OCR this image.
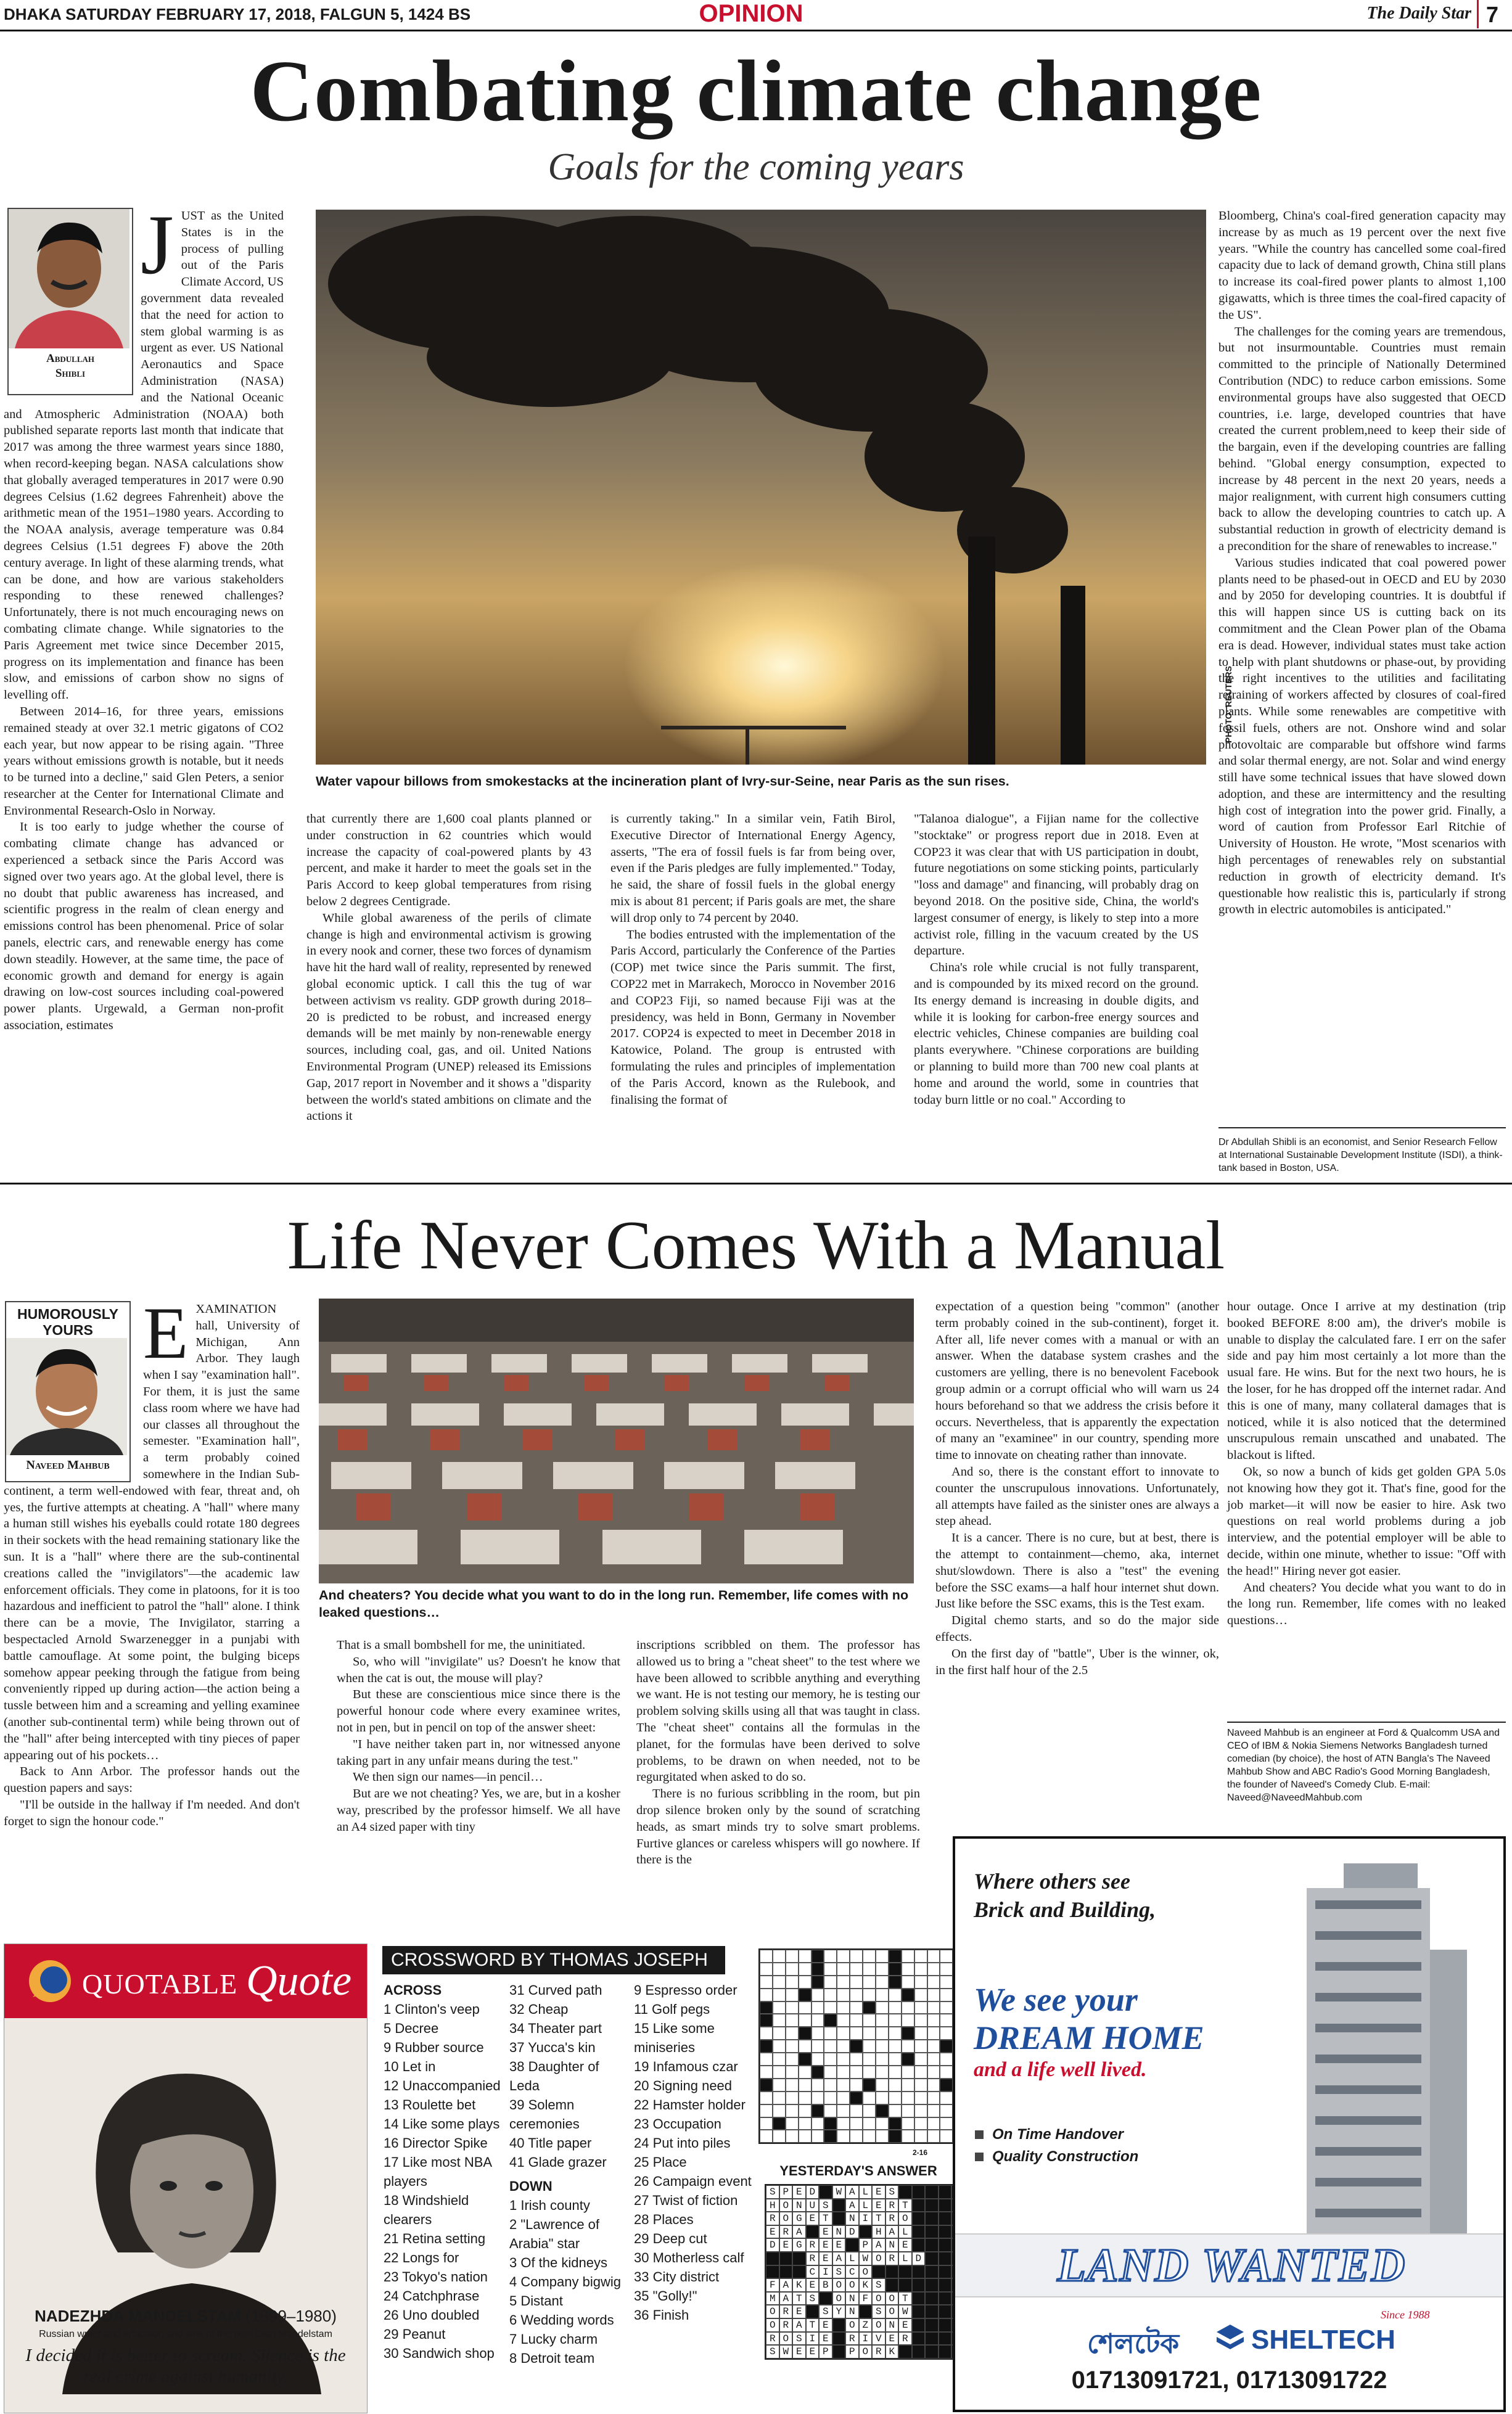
DHAKA SATURDAY FEBRUARY 17, 2018, FALGUN 5, 1424 BS	OPINION	The Daily Star 7
Combating climate change
Goals for the coming years
Abdullah
Shibli

JUST as the United States is in the process of pulling out of the Paris Climate Accord, US government data revealed that the need for action to stem global warming is as urgent as ever. US National Aeronautics and Space Administration (NASA) and the National Oceanic and Atmospheric Administration (NOAA) both published separate reports last month that indicate that 2017 was among the three warmest years since 1880, when record-keeping began. NASA calculations show that globally averaged temperatures in 2017 were 0.90 degrees Celsius (1.62 degrees Fahrenheit) above the arithmetic mean of the 1951–1980 years. According to the NOAA analysis, average temperature was 0.84 degrees Celsius (1.51 degrees F) above the 20th century average. In light of these alarming trends, what can be done, and how are various stakeholders responding to these renewed challenges? Unfortunately, there is not much encouraging news on combating climate change. While signatories to the Paris Agreement met twice since December 2015, progress on its implementation and finance has been slow, and emissions of carbon show no signs of levelling off.

Between 2014–16, for three years, emissions remained steady at over 32.1 metric gigatons of CO2 each year, but now appear to be rising again. "Three years without emissions growth is notable, but it needs to be turned into a decline," said Glen Peters, a senior researcher at the Center for International Climate and Environmental Research-Oslo in Norway.

It is too early to judge whether the course of combating climate change has advanced or experienced a setback since the Paris Accord was signed over two years ago. At the global level, there is no doubt that public awareness has increased, and scientific progress in the realm of clean energy and emissions control has been phenomenal. Price of solar panels, electric cars, and renewable energy has come down steadily. However, at the same time, the pace of economic growth and demand for energy is again drawing on low-cost sources including coal-powered power plants. Urgewald, a German non-profit association, estimates

PHOTO: REUTERS
Water vapour billows from smokestacks at the incineration plant of Ivry-sur-Seine, near Paris as the sun rises.

that currently there are 1,600 coal plants planned or under construction in 62 countries which would increase the capacity of coal-powered plants by 43 percent, and make it harder to meet the goals set in the Paris Accord to keep global temperatures from rising below 2 degrees Centigrade.

While global awareness of the perils of climate change is high and environmental activism is growing in every nook and corner, these two forces of dynamism have hit the hard wall of reality, represented by renewed global economic uptick. I call this the tug of war between activism vs reality. GDP growth during 2018–20 is predicted to be robust, and increased energy demands will be met mainly by non-renewable energy sources, including coal, gas, and oil. United Nations Environmental Program (UNEP) released its Emissions Gap, 2017 report in November and it shows a "disparity between the world's stated ambitions on climate and the actions it

is currently taking." In a similar vein, Fatih Birol, Executive Director of International Energy Agency, asserts, "The era of fossil fuels is far from being over, even if the Paris pledges are fully implemented." Today, he said, the share of fossil fuels in the global energy mix is about 81 percent; if Paris goals are met, the share will drop only to 74 percent by 2040.

The bodies entrusted with the implementation of the Paris Accord, particularly the Conference of the Parties (COP) met twice since the Paris summit. The first, COP22 met in Marrakech, Morocco in November 2016 and COP23 Fiji, so named because Fiji was at the presidency, was held in Bonn, Germany in November 2017. COP24 is expected to meet in December 2018 in Katowice, Poland. The group is entrusted with formulating the rules and principles of implementation of the Paris Accord, known as the Rulebook, and finalising the format of

"Talanoa dialogue", a Fijian name for the collective "stocktake" or progress report due in 2018. Even at COP23 it was clear that with US participation in doubt, future negotiations on some sticking points, particularly "loss and damage" and financing, will probably drag on beyond 2018. On the positive side, China, the world's largest consumer of energy, is likely to step into a more activist role, filling in the vacuum created by the US departure.

China's role while crucial is not fully transparent, and is compounded by its mixed record on the ground. Its energy demand is increasing in double digits, and while it is looking for carbon-free energy sources and electric vehicles, Chinese companies are building coal plants everywhere. "Chinese corporations are building or planning to build more than 700 new coal plants at home and around the world, some in countries that today burn little or no coal." According to

Bloomberg, China's coal-fired generation capacity may increase by as much as 19 percent over the next five years. "While the country has cancelled some coal-fired capacity due to lack of demand growth, China still plans to increase its coal-fired power plants to almost 1,100 gigawatts, which is three times the coal-fired capacity of the US".

The challenges for the coming years are tremendous, but not insurmountable. Countries must remain committed to the principle of Nationally Determined Contribution (NDC) to reduce carbon emissions. Some environmental groups have also suggested that OECD countries, i.e. large, developed countries that have created the current problem,need to keep their side of the bargain, even if the developing countries are falling behind. "Global energy consumption, expected to increase by 48 percent in the next 20 years, needs a major realignment, with current high consumers cutting back to allow the developing countries to catch up. A substantial reduction in growth of electricity demand is a precondition for the share of renewables to increase."

Various studies indicated that coal powered power plants need to be phased-out in OECD and EU by 2030 and by 2050 for developing countries. It is doubtful if this will happen since US is cutting back on its commitment and the Clean Power plan of the Obama era is dead. However, individual states must take action to help with plant shutdowns or phase-out, by providing the right incentives to the utilities and facilitating retraining of workers affected by closures of coal-fired plants. While some renewables are competitive with fossil fuels, others are not. Onshore wind and solar photovoltaic are comparable but offshore wind farms and solar thermal energy, are not. Solar and wind energy still have some technical issues that have slowed down adoption, and these are intermittency and the resulting high cost of integration into the power grid. Finally, a word of caution from Professor Earl Ritchie of University of Houston. He wrote, "Most scenarios with high percentages of renewables rely on substantial reduction in growth of electricity demand. It's questionable how realistic this is, particularly if strong growth in electric automobiles is anticipated."

Dr Abdullah Shibli is an economist, and Senior Research Fellow at International Sustainable Development Institute (ISDI), a think-tank based in Boston, USA.
Life Never Comes With a Manual
HUMOROUSLY
YOURS
Naveed Mahbub

EXAMINATION hall, University of Michigan, Ann Arbor. They laugh when I say "examination hall". For them, it is just the same class room where we have had our classes all throughout the semester. "Examination hall", a term probably coined somewhere in the Indian Sub-continent, a term well-endowed with fear, threat and, oh yes, the furtive attempts at cheating. A "hall" where many a human still wishes his eyeballs could rotate 180 degrees in their sockets with the head remaining stationary like the sun. It is a "hall" where there are the sub-continental creations called the "invigilators"—the academic law enforcement officials. They come in platoons, for it is too hazardous and inefficient to patrol the "hall" alone. I think there can be a movie, The Invigilator, starring a bespectacled Arnold Swarzenegger in a punjabi with battle camouflage. At some point, the bulging biceps somehow appear peeking through the fatigue from being conveniently ripped up during action—the action being a tussle between him and a screaming and yelling examinee (another sub-continental term) while being thrown out of the "hall" after being intercepted with tiny pieces of paper appearing out of his pockets…

Back to Ann Arbor. The professor hands out the question papers and says:

"I'll be outside in the hallway if I'm needed. And don't forget to sign the honour code."

And cheaters? You decide what you want to do in the long run. Remember, life comes with no leaked questions…

That is a small bombshell for me, the uninitiated.

So, who will "invigilate" us? Doesn't he know that when the cat is out, the mouse will play?

But these are conscientious mice since there is the powerful honour code where every examinee writes, not in pen, but in pencil on top of the answer sheet:

"I have neither taken part in, nor witnessed anyone taking part in any unfair means during the test."

We then sign our names—in pencil…

But are we not cheating? Yes, we are, but in a kosher way, prescribed by the professor himself. We all have an A4 sized paper with tiny

inscriptions scribbled on them. The professor has allowed us to bring a "cheat sheet" to the test where we have been allowed to scribble anything and everything we want. He is not testing our memory, he is testing our problem solving skills using all that was taught in class. The "cheat sheet" contains all the formulas in the planet, for the formulas have been derived to solve problems, to be drawn on when needed, not to be regurgitated when asked to do so.

There is no furious scribbling in the room, but pin drop silence broken only by the sound of scratching heads, as smart minds try to solve smart problems. Furtive glances or careless whispers will go nowhere. If there is the

expectation of a question being "common" (another term probably coined in the sub-continent), forget it. After all, life never comes with a manual or with an answer. When the database system crashes and the customers are yelling, there is no benevolent Facebook group admin or a corrupt official who will warn us 24 hours beforehand so that we address the crisis before it occurs. Nevertheless, that is apparently the expectation of many an "examinee" in our country, spending more time to innovate on cheating rather than innovate.

And so, there is the constant effort to innovate to counter the unscrupulous innovations. Unfortunately, all attempts have failed as the sinister ones are always a step ahead.

It is a cancer. There is no cure, but at best, there is the attempt to containment—chemo, aka, internet shut/slowdown. There is also a "test" the evening before the SSC exams—a half hour internet shut down. Just like before the SSC exams, this is the Test exam.

Digital chemo starts, and so do the major side effects.

On the first day of "battle", Uber is the winner, ok, in the first half hour of the 2.5

hour outage. Once I arrive at my destination (trip booked BEFORE 8:00 am), the driver's mobile is unable to display the calculated fare. I err on the safer side and pay him most certainly a lot more than the usual fare. He wins. But for the next two hours, he is the loser, for he has dropped off the internet radar. And this is one of many, many collateral damages that is noticed, while it is also noticed that the determined unscrupulous remain unscathed and unabated. The blackout is lifted.

Ok, so now a bunch of kids get golden GPA 5.0s not knowing how they got it. That's fine, good for the job market—it will now be easier to hire. Ask two questions on real world problems during a job interview, and the potential employer will be able to decide, within one minute, whether to issue: "Off with the head!" Hiring never got easier.

And cheaters? You decide what you want to do in the long run. Remember, life comes with no leaked questions…

Naveed Mahbub is an engineer at Ford & Qualcomm USA and CEO of IBM & Nokia Siemens Networks Bangladesh turned comedian (by choice), the host of ATN Bangla's The Naveed Mahbub Show and ABC Radio's Good Morning Bangladesh, the founder of Naveed's Comedy Club. E-mail: Naveed@NaveedMahbub.com
QUOTABLE Quote
NADEZHDA MANDELSTAM (1899–1980)
Russian writer and educator, and wife of the poet Osip Mandelstam
I decided it is better to scream. Silence is the real crime against humanity.
CROSSWORD BY THOMAS JOSEPH
ACROSS
1 Clinton's veep
5 Decree
9 Rubber source
10 Let in
12 Unaccompanied
13 Roulette bet
14 Like some plays
16 Director Spike
17 Like most NBA
players
18 Windshield
clearers
21 Retina setting
22 Longs for
23 Tokyo's nation
24 Catchphrase
26 Uno doubled
29 Peanut
30 Sandwich shop
31 Curved path
32 Cheap
34 Theater part
37 Yucca's kin
38 Daughter of
Leda
39 Solemn
ceremonies
40 Title paper
41 Glade grazer
DOWN
1 Irish county
2 "Lawrence of
Arabia" star
3 Of the kidneys
4 Company bigwig
5 Distant
6 Wedding words
7 Lucky charm
8 Detroit team
9 Espresso order
11 Golf pegs
15 Like some
miniseries
19 Infamous czar
20 Signing need
22 Hamster holder
23 Occupation
24 Put into piles
25 Place
26 Campaign event
27 Twist of fiction
28 Places
29 Deep cut
30 Motherless calf
33 City district
35 "Golly!"
36 Finish
2-16
YESTERDAY'S ANSWER
S P E D	W A L E S
H O N U S	A L E R T
R O G E T	N I T R O
E R A	E N D	H A L
D E G R E E	P A N E
R E A L W O R L D
C I S C O
F A K E B O O K S
M A T S	O N F O O T
O R E	S Y N	S O W
O R A T E	O Z O N E
R O S I E	R I V E R
S W E E P	P O R K
Where others see
Brick and Building,
We see your
DREAM HOME
and a life well lived.
On Time Handover
Quality Construction
LAND WANTED
Since 1988
শেলটেক	SHELTECH
01713091721, 01713091722
